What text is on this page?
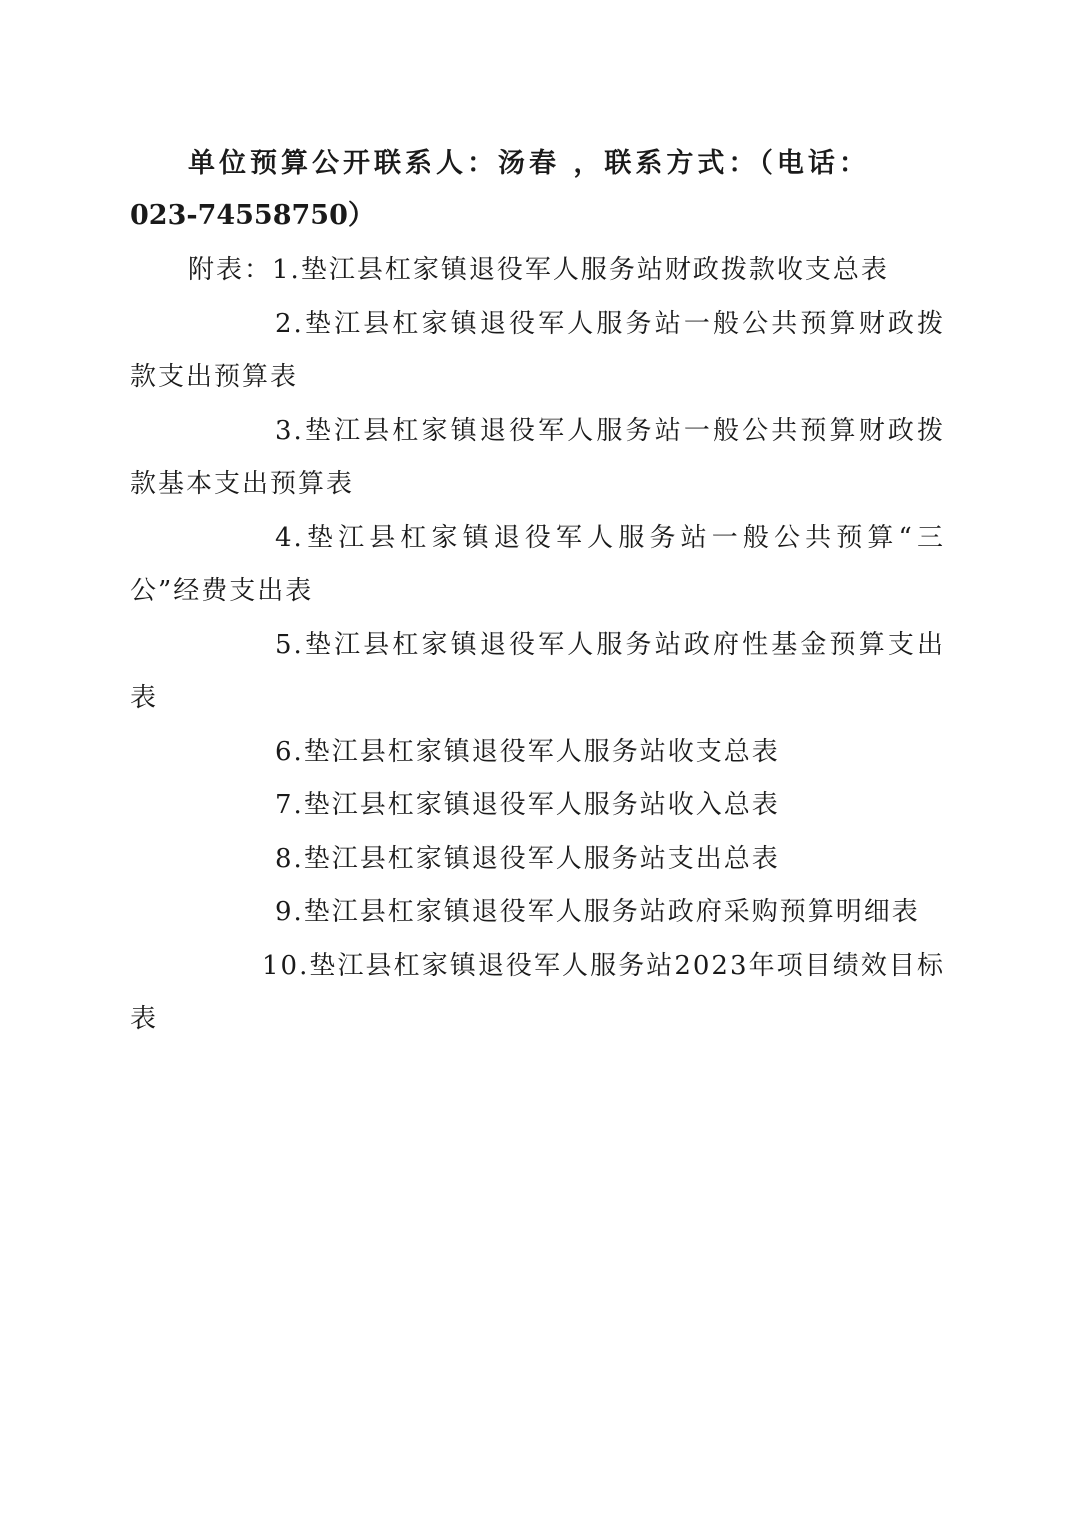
单位预算公开联系人：汤春 ，联系方式：（电话：
023-74558750）

附表：1.垫江县杠家镇退役军人服务站财政拨款收支总表

2.垫江县杠家镇退役军人服务站一般公共预算财政拨款支出预算表

3.垫江县杠家镇退役军人服务站一般公共预算财政拨款基本支出预算表

4.垫江县杠家镇退役军人服务站一般公共预算“三公”经费支出表

5.垫江县杠家镇退役军人服务站政府性基金预算支出表

6.垫江县杠家镇退役军人服务站收支总表

7.垫江县杠家镇退役军人服务站收入总表

8.垫江县杠家镇退役军人服务站支出总表

9.垫江县杠家镇退役军人服务站政府采购预算明细表

10.垫江县杠家镇退役军人服务站2023年项目绩效目标表
